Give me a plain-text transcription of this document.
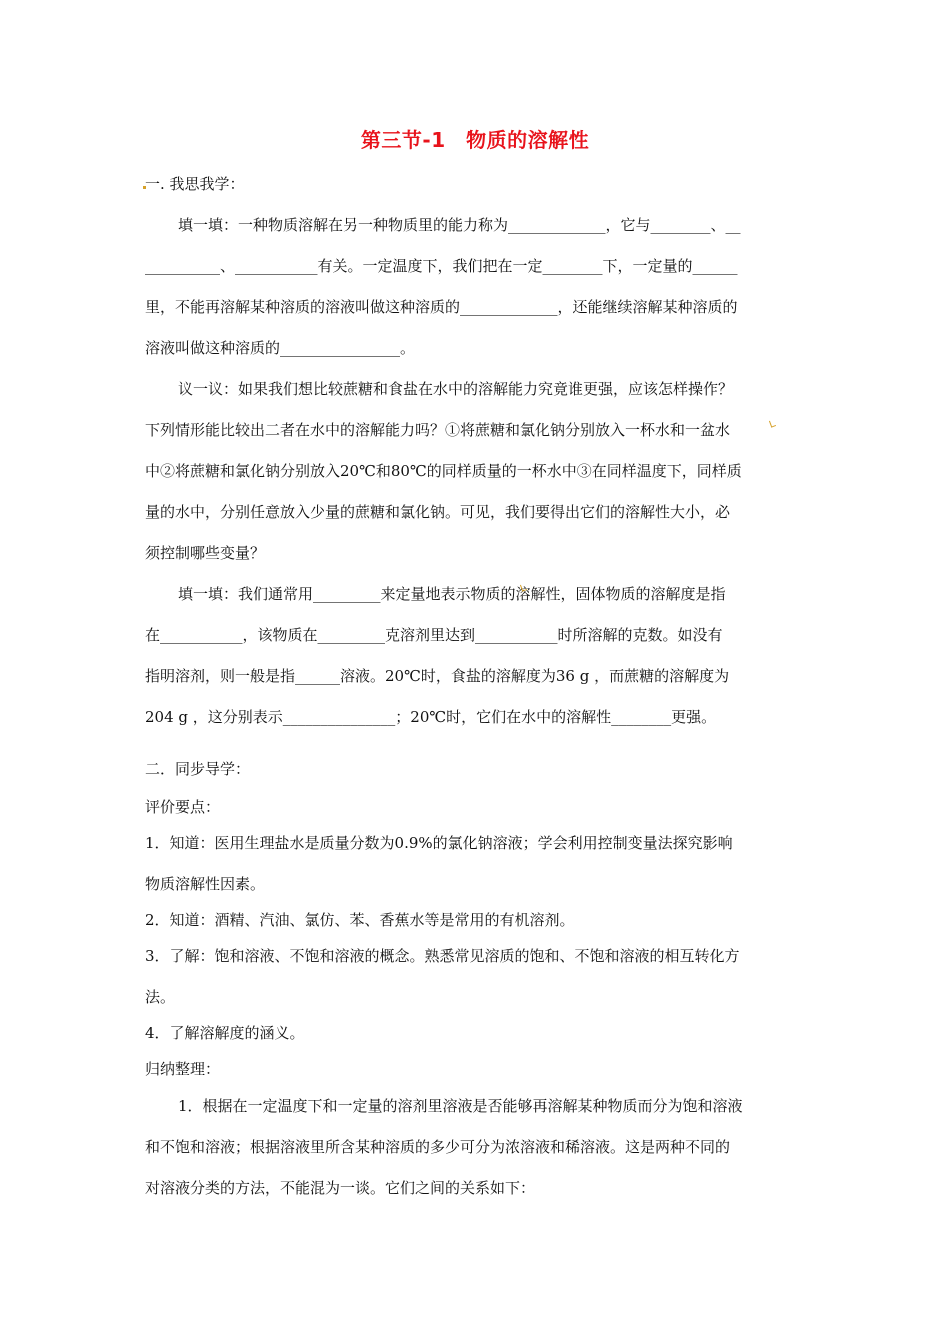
第三节-1　物质的溶解性
一. 我思我学：
填一填：一种物质溶解在另一种物质里的能力称为_____________，它与________、__
__________、___________有关。一定温度下，我们把在一定________下，一定量的______
里，不能再溶解某种溶质的溶液叫做这种溶质的_____________，还能继续溶解某种溶质的
溶液叫做这种溶质的________________。
议一议：如果我们想比较蔗糖和食盐在水中的溶解能力究竟谁更强，应该怎样操作？
下列情形能比较出二者在水中的溶解能力吗？①将蔗糖和氯化钠分别放入一杯水和一盆水
中②将蔗糖和氯化钠分别放入20℃和80℃的同样质量的一杯水中③在同样温度下，同样质
量的水中，分别任意放入少量的蔗糖和氯化钠。可见，我们要得出它们的溶解性大小，必
须控制哪些变量？
填一填：我们通常用_________来定量地表示物质的溶解性，固体物质的溶解度是指
在___________，该物质在_________克溶剂里达到___________时所溶解的克数。如没有
指明溶剂，则一般是指______溶液。20℃时，食盐的溶解度为36 g ，而蔗糖的溶解度为
204 g ，这分别表示_______________；20℃时，它们在水中的溶解性________更强。
二．同步导学：
评价要点：
1．知道：医用生理盐水是质量分数为0.9%的氯化钠溶液；学会利用控制变量法探究影响
物质溶解性因素。
2．知道：酒精、汽油、氯仿、苯、香蕉水等是常用的有机溶剂。
3．了解：饱和溶液、不饱和溶液的概念。熟悉常见溶质的饱和、不饱和溶液的相互转化方
法。
4．了解溶解度的涵义。
归纳整理：
1．根据在一定温度下和一定量的溶剂里溶液是否能够再溶解某种物质而分为饱和溶液
和不饱和溶液；根据溶液里所含某种溶质的多少可分为浓溶液和稀溶液。这是两种不同的
对溶液分类的方法，不能混为一谈。它们之间的关系如下：
